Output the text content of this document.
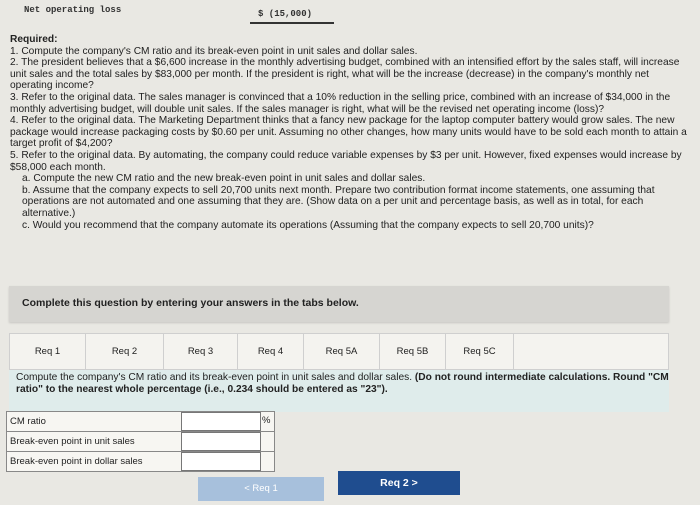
Net operating loss	$ (15,000)

Required:

1. Compute the company's CM ratio and its break-even point in unit sales and dollar sales.

2. The president believes that a $6,600 increase in the monthly advertising budget, combined with an intensified effort by the sales staff, will increase unit sales and the total sales by $83,000 per month. If the president is right, what will be the increase (decrease) in the company's monthly net operating income?

3. Refer to the original data. The sales manager is convinced that a 10% reduction in the selling price, combined with an increase of $34,000 in the monthly advertising budget, will double unit sales. If the sales manager is right, what will be the revised net operating income (loss)?

4. Refer to the original data. The Marketing Department thinks that a fancy new package for the laptop computer battery would grow sales. The new package would increase packaging costs by $0.60 per unit. Assuming no other changes, how many units would have to be sold each month to attain a target profit of $4,200?

5. Refer to the original data. By automating, the company could reduce variable expenses by $3 per unit. However, fixed expenses would increase by $58,000 each month.

a. Compute the new CM ratio and the new break-even point in unit sales and dollar sales.

b. Assume that the company expects to sell 20,700 units next month. Prepare two contribution format income statements, one assuming that operations are not automated and one assuming that they are. (Show data on a per unit and percentage basis, as well as in total, for each alternative.)

c. Would you recommend that the company automate its operations (Assuming that the company expects to sell 20,700 units)?

Complete this question by entering your answers in the tabs below.
Req 1	Req 2	Req 3	Req 4	Req 5A	Req 5B	Req 5C
Compute the company's CM ratio and its break-even point in unit sales and dollar sales. (Do not round intermediate calculations. Round "CM ratio" to the nearest whole percentage (i.e., 0.234 should be entered as "23").
CM ratio	%
Break-even point in unit sales
Break-even point in dollar sales
< Req 1	Req 2 >
